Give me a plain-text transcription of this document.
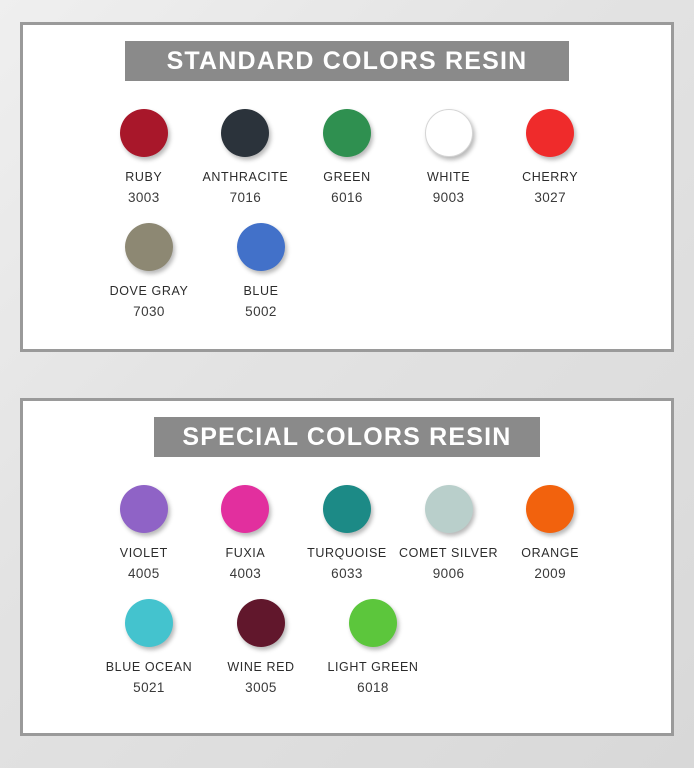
STANDARD COLORS RESIN
RUBY
3003
ANTHRACITE
7016
GREEN
6016
WHITE
9003
CHERRY
3027
DOVE GRAY
7030
BLUE
5002
SPECIAL COLORS RESIN
VIOLET
4005
FUXIA
4003
TURQUOISE
6033
COMET SILVER
9006
ORANGE
2009
BLUE OCEAN
5021
WINE RED
3005
LIGHT GREEN
6018
